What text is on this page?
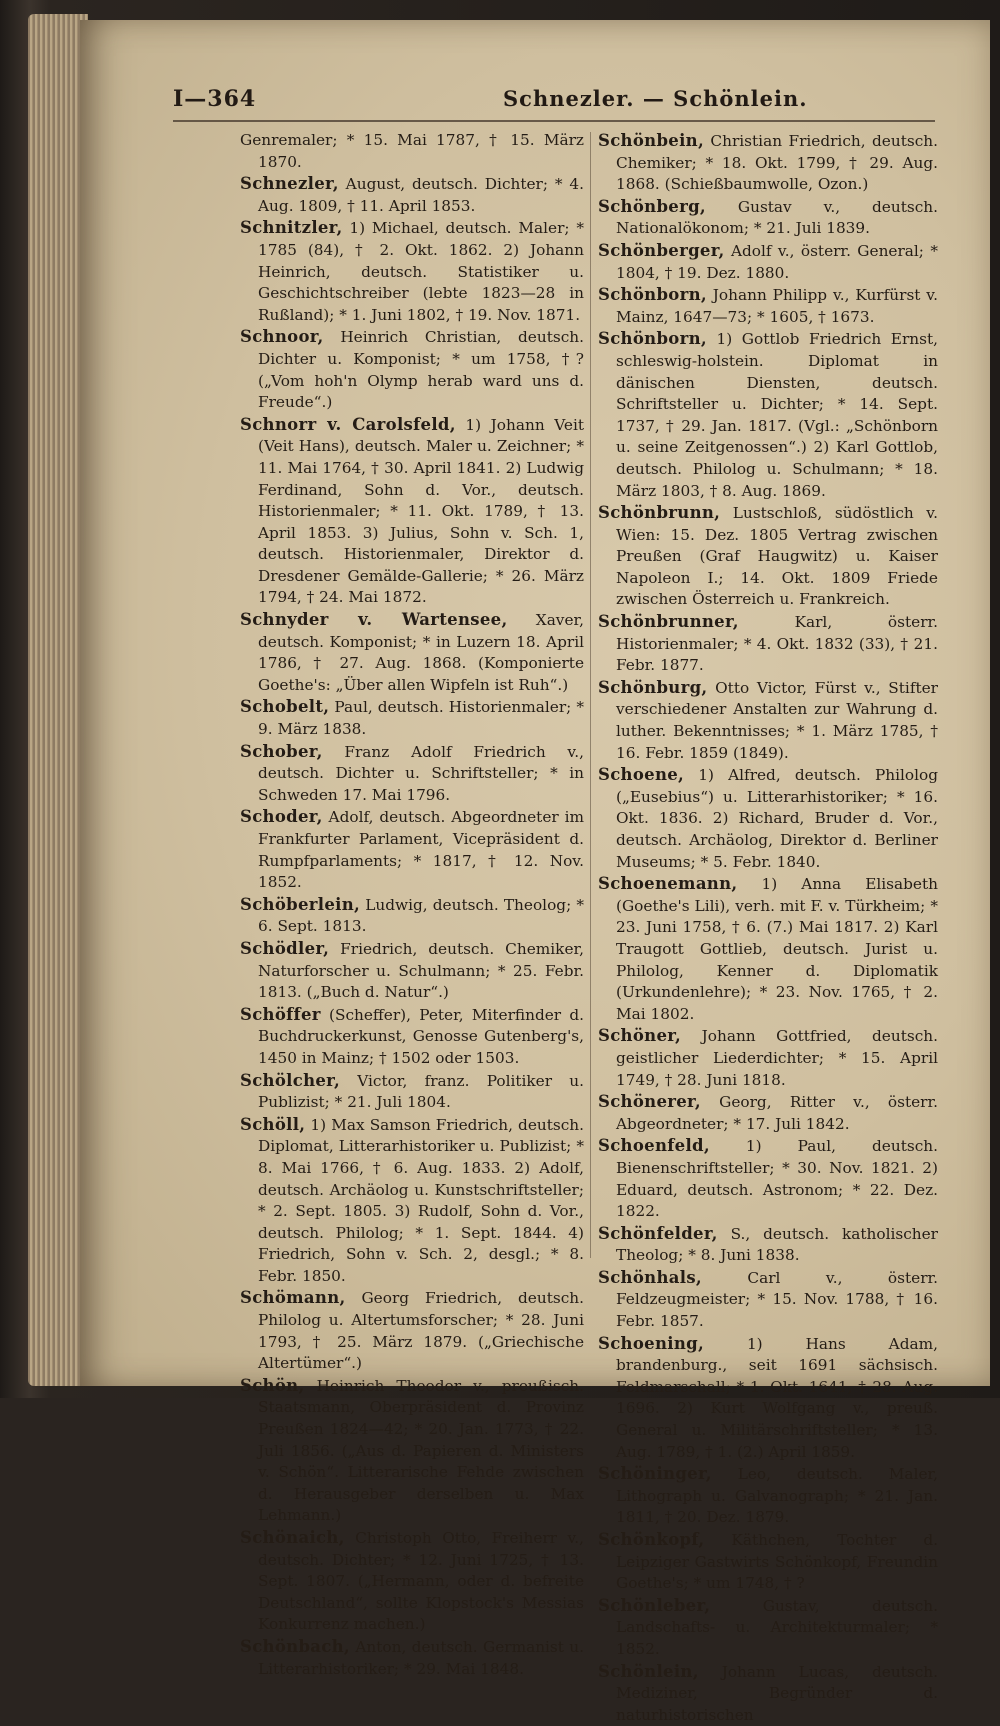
I—364	Schnezler. — Schönlein.

Genremaler; * 15. Mai 1787, † 15. März 1870.

Schnezler, August, deutsch. Dichter; * 4. Aug. 1809, † 11. April 1853.

Schnitzler, 1) Michael, deutsch. Maler; * 1785 (84), † 2. Okt. 1862. 2) Johann Heinrich, deutsch. Statistiker u. Geschichtschreiber (lebte 1823—28 in Rußland); * 1. Juni 1802, † 19. Nov. 1871.

Schnoor, Heinrich Christian, deutsch. Dichter u. Komponist; * um 1758, †? („Vom hoh'n Olymp herab ward uns d. Freude“.)

Schnorr v. Carolsfeld, 1) Johann Veit (Veit Hans), deutsch. Maler u. Zeichner; * 11. Mai 1764, † 30. April 1841. 2) Ludwig Ferdinand, Sohn d. Vor., deutsch. Historienmaler; * 11. Okt. 1789, † 13. April 1853. 3) Julius, Sohn v. Sch. 1, deutsch. Historienmaler, Direktor d. Dresdener Gemälde-Gallerie; * 26. März 1794, † 24. Mai 1872.

Schnyder v. Wartensee, Xaver, deutsch. Komponist; * in Luzern 18. April 1786, † 27. Aug. 1868. (Komponierte Goethe's: „Über allen Wipfeln ist Ruh“.)

Schobelt, Paul, deutsch. Historienmaler; * 9. März 1838.

Schober, Franz Adolf Friedrich v., deutsch. Dichter u. Schriftsteller; * in Schweden 17. Mai 1796.

Schoder, Adolf, deutsch. Abgeordneter im Frankfurter Parlament, Vicepräsident d. Rumpfparlaments; * 1817, † 12. Nov. 1852.

Schöberlein, Ludwig, deutsch. Theolog; * 6. Sept. 1813.

Schödler, Friedrich, deutsch. Chemiker, Naturforscher u. Schulmann; * 25. Febr. 1813. („Buch d. Natur“.)

Schöffer (Scheffer), Peter, Miterfinder d. Buchdruckerkunst, Genosse Gutenberg's, 1450 in Mainz; † 1502 oder 1503.

Schölcher, Victor, franz. Politiker u. Publizist; * 21. Juli 1804.

Schöll, 1) Max Samson Friedrich, deutsch. Diplomat, Litterarhistoriker u. Publizist; * 8. Mai 1766, † 6. Aug. 1833. 2) Adolf, deutsch. Archäolog u. Kunstschriftsteller; * 2. Sept. 1805. 3) Rudolf, Sohn d. Vor., deutsch. Philolog; * 1. Sept. 1844. 4) Friedrich, Sohn v. Sch. 2, desgl.; * 8. Febr. 1850.

Schömann, Georg Friedrich, deutsch. Philolog u. Altertumsforscher; * 28. Juni 1793, † 25. März 1879. („Griechische Altertümer“.)

Schön, Heinrich Theodor v., preußisch. Staatsmann, Oberpräsident d. Provinz Preußen 1824—42; * 20. Jan. 1773, † 22. Juli 1856. („Aus d. Papieren d. Ministers v. Schön“. Litterarische Fehde zwischen d. Herausgeber derselben u. Max Lehmann.)

Schönaich, Christoph Otto, Freiherr v., deutsch. Dichter; * 12. Juni 1725, † 13. Sept. 1807. („Hermann, oder d. befreite Deutschland“, sollte Klopstock's Messias Konkurrenz machen.)

Schönbach, Anton, deutsch. Germanist u. Litterarhistoriker; * 29. Mai 1848.

Schönbein, Christian Friedrich, deutsch. Chemiker; * 18. Okt. 1799, † 29. Aug. 1868. (Schießbaumwolle, Ozon.)

Schönberg, Gustav v., deutsch. Nationalökonom; * 21. Juli 1839.

Schönberger, Adolf v., österr. General; * 1804, † 19. Dez. 1880.

Schönborn, Johann Philipp v., Kurfürst v. Mainz, 1647—73; * 1605, † 1673.

Schönborn, 1) Gottlob Friedrich Ernst, schleswig-holstein. Diplomat in dänischen Diensten, deutsch. Schriftsteller u. Dichter; * 14. Sept. 1737, † 29. Jan. 1817. (Vgl.: „Schönborn u. seine Zeitgenossen“.) 2) Karl Gottlob, deutsch. Philolog u. Schulmann; * 18. März 1803, † 8. Aug. 1869.

Schönbrunn, Lustschloß, südöstlich v. Wien: 15. Dez. 1805 Vertrag zwischen Preußen (Graf Haugwitz) u. Kaiser Napoleon I.; 14. Okt. 1809 Friede zwischen Österreich u. Frankreich.

Schönbrunner, Karl, österr. Historienmaler; * 4. Okt. 1832 (33), † 21. Febr. 1877.

Schönburg, Otto Victor, Fürst v., Stifter verschiedener Anstalten zur Wahrung d. luther. Bekenntnisses; * 1. März 1785, † 16. Febr. 1859 (1849).

Schoene, 1) Alfred, deutsch. Philolog („Eusebius“) u. Litterarhistoriker; * 16. Okt. 1836. 2) Richard, Bruder d. Vor., deutsch. Archäolog, Direktor d. Berliner Museums; * 5. Febr. 1840.

Schoenemann, 1) Anna Elisabeth (Goethe's Lili), verh. mit F. v. Türkheim; * 23. Juni 1758, † 6. (7.) Mai 1817. 2) Karl Traugott Gottlieb, deutsch. Jurist u. Philolog, Kenner d. Diplomatik (Urkundenlehre); * 23. Nov. 1765, † 2. Mai 1802.

Schöner, Johann Gottfried, deutsch. geistlicher Liederdichter; * 15. April 1749, † 28. Juni 1818.

Schönerer, Georg, Ritter v., österr. Abgeordneter; * 17. Juli 1842.

Schoenfeld, 1) Paul, deutsch. Bienenschriftsteller; * 30. Nov. 1821. 2) Eduard, deutsch. Astronom; * 22. Dez. 1822.

Schönfelder, S., deutsch. katholischer Theolog; * 8. Juni 1838.

Schönhals, Carl v., österr. Feldzeugmeister; * 15. Nov. 1788, † 16. Febr. 1857.

Schoening, 1) Hans Adam, brandenburg., seit 1691 sächsisch. Feldmarschall; * 1. Okt. 1641, † 28. Aug. 1696. 2) Kurt Wolfgang v., preuß. General u. Militärschriftsteller; * 13. Aug. 1789, † 1. (2.) April 1859.

Schöninger, Leo, deutsch. Maler, Lithograph u. Galvanograph; * 21. Jan. 1811, † 20. Dez. 1879.

Schönkopf, Käthchen, Tochter d. Leipziger Gastwirts Schönkopf, Freundin Goethe's; * um 1748, † ?

Schönleber, Gustav, deutsch. Landschafts- u. Architekturmaler; * 1852.

Schönlein, Johann Lucas, deutsch. Mediziner, Begründer d. naturhistorischen
